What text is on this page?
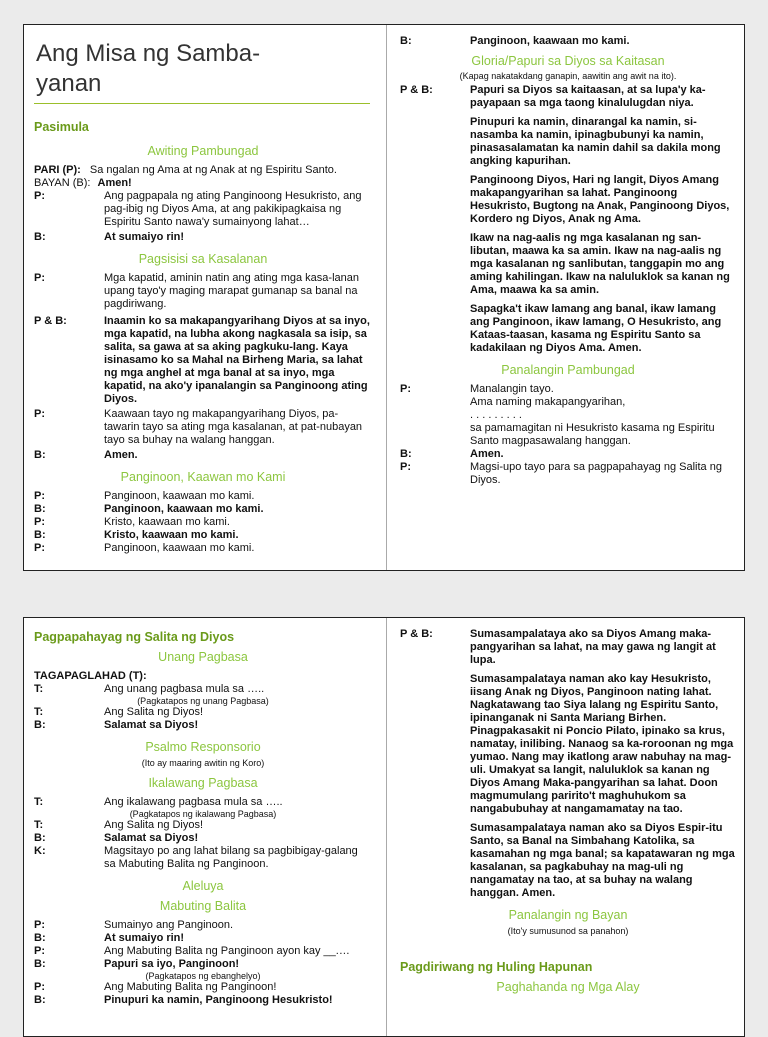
Ang Misa ng Samba-
yanan
Pasimula
Awiting Pambungad
PARI (P): Sa ngalan ng Ama at ng Anak at ng Espiritu Santo.
BAYAN (B): Amen!
P:	Ang pagpapala ng ating Panginoong Hesukristo, ang pag-ibig ng Diyos Ama, at ang pakikipagkaisa ng Espiritu Santo nawa'y sumainyong lahat…
B:	At sumaiyo rin!
Pagsisisi sa Kasalanan
P:	Mga kapatid, aminin natin ang ating mga kasa-lanan upang tayo'y maging marapat gumanap sa banal na pagdiriwang.
P & B:	Inaamin ko sa makapangyarihang Diyos at sa inyo, mga kapatid, na lubha akong nagkasala sa isip, sa salita, sa gawa at sa aking pagkuku-lang. Kaya isinasamo ko sa Mahal na Birheng Maria, sa lahat ng mga anghel at mga banal at sa inyo, mga kapatid, na ako'y ipanalangin sa Panginoong ating Diyos.
P:	Kaawaan tayo ng makapangyarihang Diyos, pa-tawarin tayo sa ating mga kasalanan, at pat-nubayan tayo sa buhay na walang hanggan.
B:	Amen.
Panginoon, Kaawan mo Kami
P:	Panginoon, kaawaan mo kami.
B:	Panginoon, kaawaan mo kami.
P:	Kristo, kaawaan mo kami.
B:	Kristo, kaawaan mo kami.
P:	Panginoon, kaawaan mo kami.
B:	Panginoon, kaawaan mo kami.
Gloria/Papuri sa Diyos sa Kaitasan
(Kapag nakatakdang ganapin, aawitin ang awit na ito).
P & B:	Papuri sa Diyos sa kaitaasan, at sa lupa'y ka-payapaan sa mga taong kinalulugdan niya.
Pinupuri ka namin, dinarangal ka namin, si-nasamba ka namin, ipinagbubunyi ka namin, pinasasalamatan ka namin dahil sa dakila mong angking kapurihan.
Panginoong Diyos, Hari ng langit, Diyos Amang makapangyarihan sa lahat. Panginoong Hesukristo, Bugtong na Anak, Panginoong Diyos, Kordero ng Diyos, Anak ng Ama.
Ikaw na nag-aalis ng mga kasalanan ng san-libutan, maawa ka sa amin. Ikaw na nag-aalis ng mga kasalanan ng sanlibutan, tanggapin mo ang aming kahilingan. Ikaw na naluluklok sa kanan ng Ama, maawa ka sa amin.
Sapagka't ikaw lamang ang banal, ikaw lamang ang Panginoon, ikaw lamang, O Hesukristo, ang Kataas-taasan, kasama ng Espiritu Santo sa kadakilaan ng Diyos Ama. Amen.
Panalangin Pambungad
P:	Manalangin tayo.
Ama naming makapangyarihan,
. . . . . . . . .
sa pamamagitan ni Hesukristo kasama ng Espiritu Santo magpasawalang hanggan.
B:	Amen.
P:	Magsi-upo tayo para sa pagpapahayag ng Salita ng Diyos.
Pagpapahayag ng Salita ng Diyos
Unang Pagbasa
TAGAPAGLAHAD (T):
T:	Ang unang pagbasa mula sa …..
(Pagkatapos ng unang Pagbasa)
T:	Ang Salita ng Diyos!
B:	Salamat sa Diyos!
Psalmo Responsorio
(Ito ay maaring awitin ng Koro)
Ikalawang Pagbasa
T:	Ang ikalawang pagbasa mula sa …..
(Pagkatapos ng ikalawang Pagbasa)
T:	Ang Salita ng Diyos!
B:	Salamat sa Diyos!
K:	Magsitayo po ang lahat bilang sa pagbibigay-galang sa Mabuting Balita ng Panginoon.
Aleluya
Mabuting Balita
P:	Sumainyo ang Panginoon.
B:	At sumaiyo rin!
P:	Ang Mabuting Balita ng Panginoon ayon kay __.…
B:	Papuri sa iyo, Panginoon!
(Pagkatapos ng ebanghelyo)
P:	Ang Mabuting Balita ng Panginoon!
B:	Pinupuri ka namin, Panginoong Hesukristo!
P & B:	Sumasampalataya ako sa Diyos Amang maka-pangyarihan sa lahat, na may gawa ng langit at lupa.
Sumasampalataya naman ako kay Hesukristo, iisang Anak ng Diyos, Panginoon nating lahat. Nagkatawang tao Siya lalang ng Espiritu Santo, ipinanganak ni Santa Mariang Birhen. Pinagpakasakit ni Poncio Pilato, ipinako sa krus, namatay, inilibing. Nanaog sa ka-roroonan ng mga yumao. Nang may ikatlong araw nabuhay na mag-uli. Umakyat sa langit, naluluklok sa kanan ng Diyos Amang Maka-pangyarihan sa lahat. Doon magmumulang paririto't maghuhukom sa nangabubuhay at nangamamatay na tao.
Sumasampalataya naman ako sa Diyos Espir-itu Santo, sa Banal na Simbahang Katolika, sa kasamahan ng mga banal; sa kapatawaran ng mga kasalanan, sa pagkabuhay na mag-uli ng nangamatay na tao, at sa buhay na walang hanggan. Amen.
Panalangin ng Bayan
(Ito'y sumusunod sa panahon)
Pagdiriwang ng Huling Hapunan
Paghahanda ng Mga Alay
